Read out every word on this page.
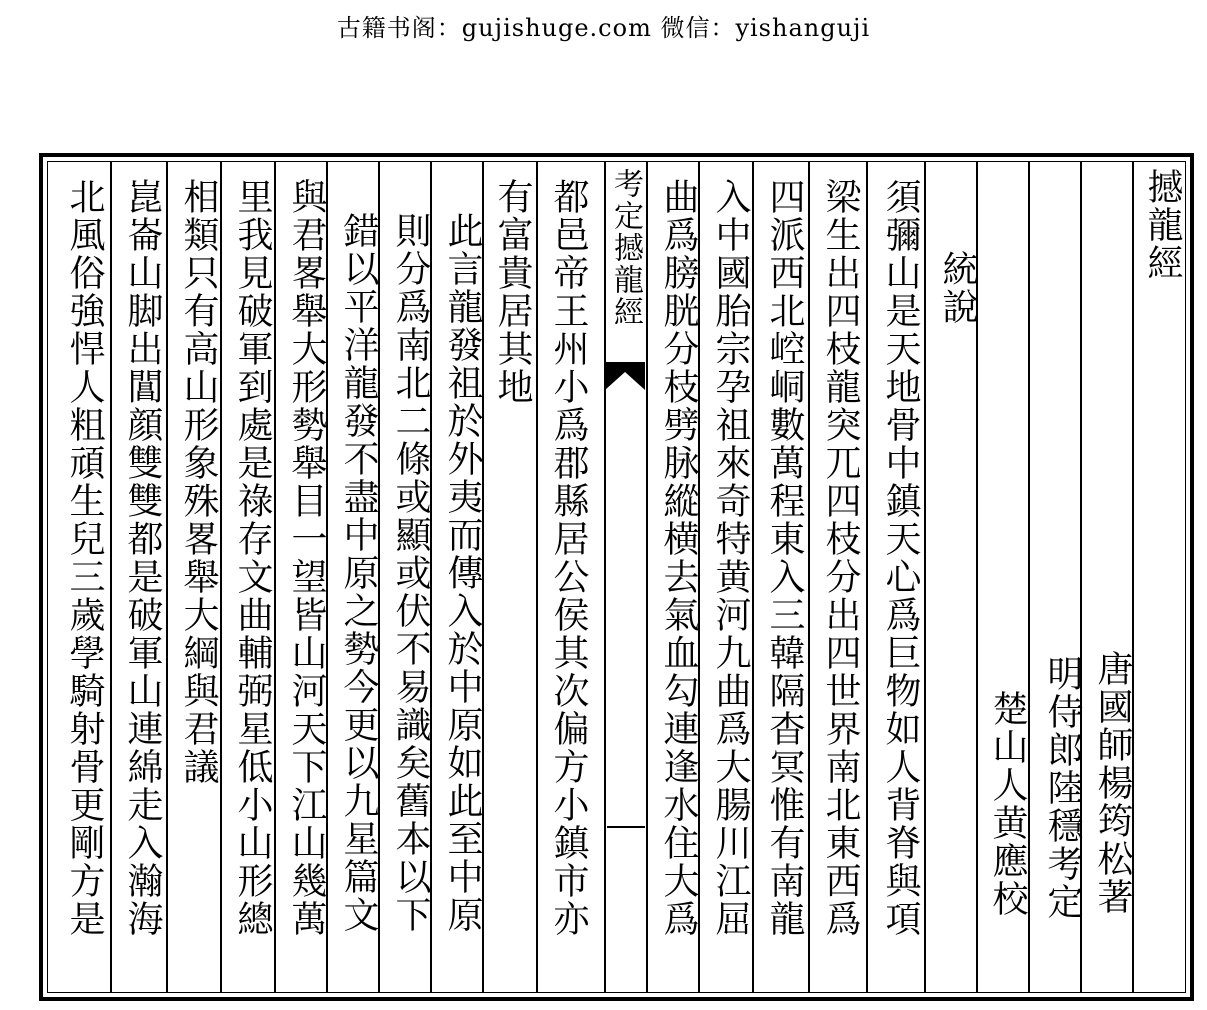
古籍书阁：gujishuge.com 微信：yishanguji
考定撼龍經	撼龍經
唐國師楊筠松著
明侍郎陸穩考定
楚山人黄應校
統說
須彌山是天地骨中鎮天心爲巨物如人背脊與項
梁生出四枝龍突兀四枝分出四世界南北東西爲
四派西北崆峒數萬程東入三韓隔杳冥惟有南龍
入中國胎宗孕祖來奇特黄河九曲爲大腸川江屈
曲爲膀胱分枝劈脉縱横去氣血勾連逢水住大爲
都邑帝王州小爲郡縣居公侯其次偏方小鎮市亦
有富貴居其地
此言龍發祖於外夷而傳入於中原如此至中原
則分爲南北二條或顯或伏不易識矣舊本以下
錯以平洋龍發不盡中原之勢今更以九星篇文
與君畧舉大形勢舉目一望皆山河天下江山幾萬
里我見破軍到處是祿存文曲輔弼星低小山形總
相類只有高山形象殊畧舉大綱與君議
崑崙山脚出閶顔雙雙都是破軍山連綿走入瀚海
北風俗強悍人粗頑生兒三歲學騎射骨更剛方是
